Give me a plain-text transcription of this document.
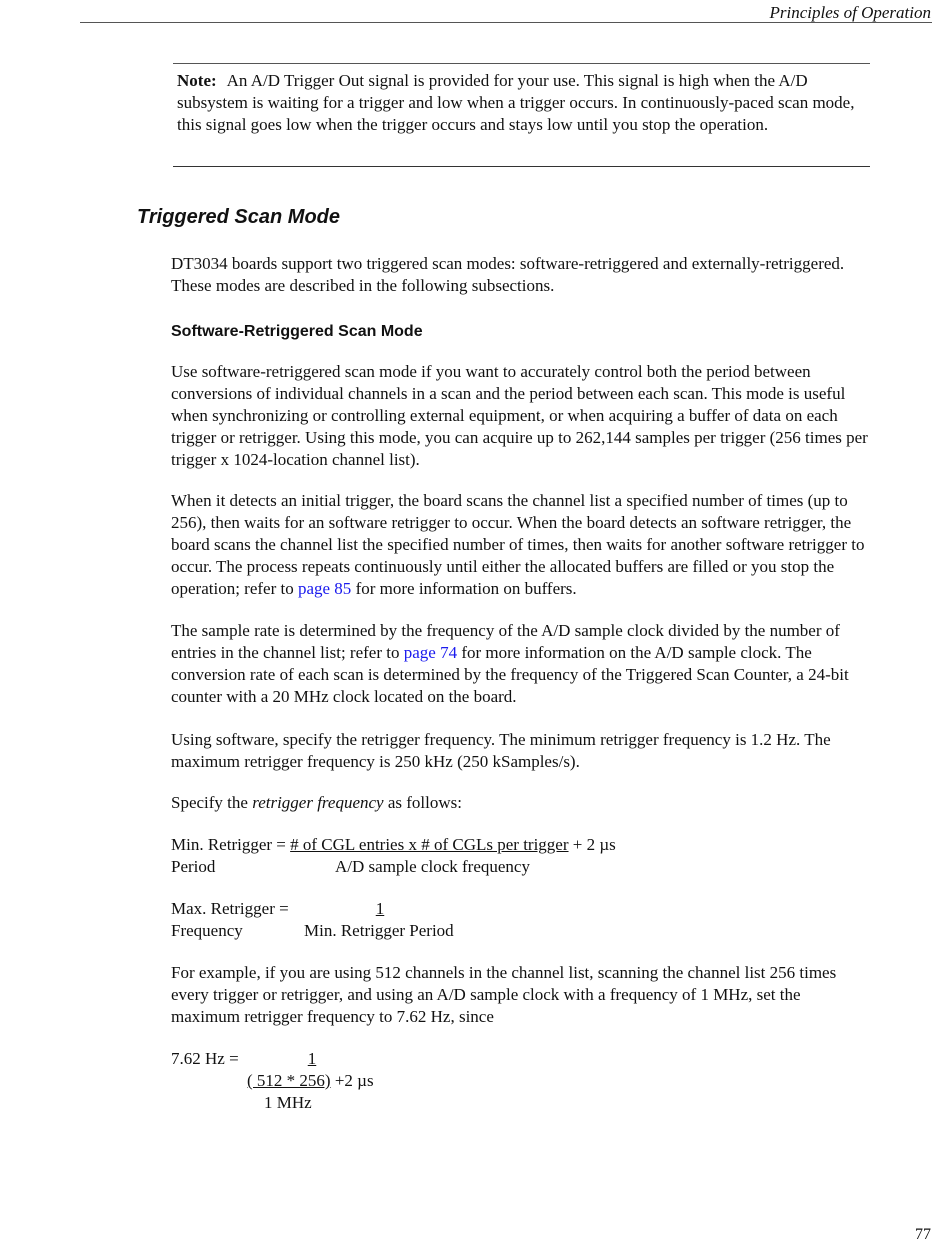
Principles of Operation

Note: An A/D Trigger Out signal is provided for your use. This signal is high when the A/D subsystem is waiting for a trigger and low when a trigger occurs. In continuously-paced scan mode, this signal goes low when the trigger occurs and stays low until you stop the operation.

Triggered Scan Mode

DT3034 boards support two triggered scan modes: software-retriggered and externally-retriggered. These modes are described in the following subsections.

Software-Retriggered Scan Mode

Use software-retriggered scan mode if you want to accurately control both the period between conversions of individual channels in a scan and the period between each scan. This mode is useful when synchronizing or controlling external equipment, or when acquiring a buffer of data on each trigger or retrigger. Using this mode, you can acquire up to 262,144 samples per trigger (256 times per trigger x 1024-location channel list).

When it detects an initial trigger, the board scans the channel list a specified number of times (up to 256), then waits for an software retrigger to occur. When the board detects an software retrigger, the board scans the channel list the specified number of times, then waits for another software retrigger to occur. The process repeats continuously until either the allocated buffers are filled or you stop the operation; refer to page 85 for more information on buffers.

The sample rate is determined by the frequency of the A/D sample clock divided by the number of entries in the channel list; refer to page 74 for more information on the A/D sample clock. The conversion rate of each scan is determined by the frequency of the Triggered Scan Counter, a 24-bit counter with a 20 MHz clock located on the board.

Using software, specify the retrigger frequency. The minimum retrigger frequency is 1.2 Hz. The maximum retrigger frequency is 250 kHz (250 kSamples/s).

Specify the retrigger frequency as follows:

Min. Retrigger = # of CGL entries x # of CGLs per trigger + 2 µs
Period	A/D sample clock frequency
Max. Retrigger =	1
Frequency	Min. Retrigger Period

For example, if you are using 512 channels in the channel list, scanning the channel list 256 times every trigger or retrigger, and using an A/D sample clock with a frequency of 1 MHz, set the maximum retrigger frequency to 7.62 Hz, since

7.62 Hz =	1
( 512 * 256) +2 µs
1 MHz
77
